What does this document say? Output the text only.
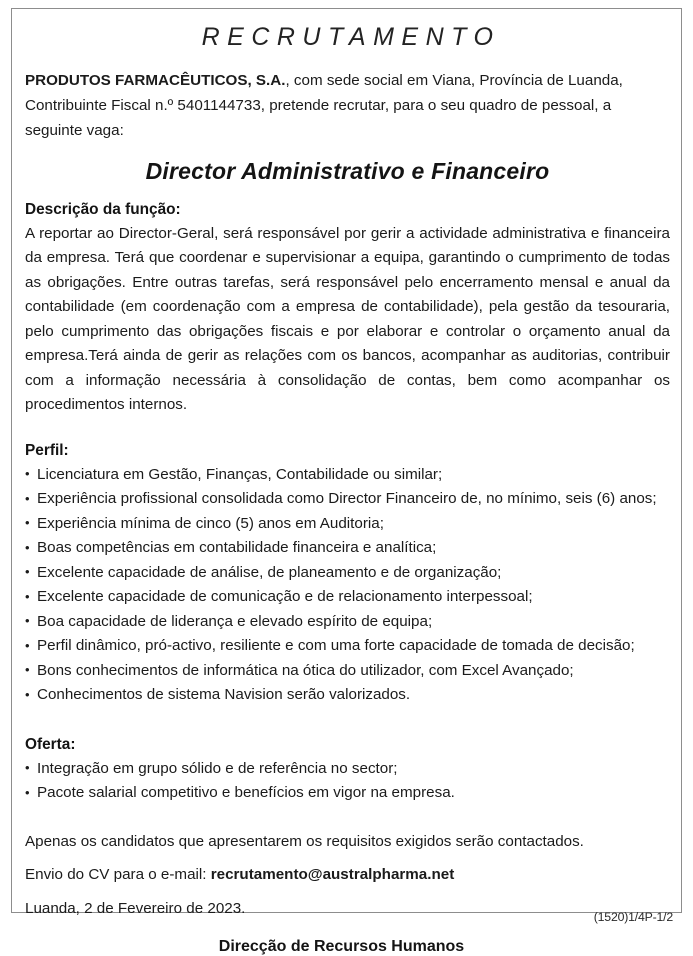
RECRUTAMENTO

PRODUTOS FARMACÊUTICOS, S.A., com sede social em Viana, Província de Luanda, Contribuinte Fiscal n.º 5401144733, pretende recrutar, para o seu quadro de pessoal, a seguinte vaga:

Director Administrativo e Financeiro
Descrição da função:

A reportar ao Director-Geral, será responsável por gerir a actividade administrativa e financeira da empresa. Terá que coordenar e supervisionar a equipa, garantindo o cumprimento de todas as obrigações. Entre outras tarefas, será responsável pelo encerramento mensal e anual da contabilidade (em coordenação com a empresa de contabilidade), pela gestão da tesouraria, pelo cumprimento das obrigações fiscais e por elaborar e controlar o orçamento anual da empresa.Terá ainda de gerir as relações com os bancos, acompanhar as auditorias, contribuir com a informação necessária à consolidação de contas, bem como acompanhar os procedimentos internos.

Perfil:
• Licenciatura em Gestão, Finanças, Contabilidade ou similar;
• Experiência profissional consolidada como Director Financeiro de, no mínimo, seis (6) anos;
• Experiência mínima de cinco (5) anos em Auditoria;
• Boas competências em contabilidade financeira e analítica;
• Excelente capacidade de análise, de planeamento e de organização;
• Excelente capacidade de comunicação e de relacionamento interpessoal;
• Boa capacidade de liderança e elevado espírito de equipa;
• Perfil dinâmico, pró-activo, resiliente e com uma forte capacidade de tomada de decisão;
• Bons conhecimentos de informática na ótica do utilizador, com Excel Avançado;
• Conhecimentos de sistema Navision serão valorizados.
Oferta:
• Integração em grupo sólido e de referência no sector;
• Pacote salarial competitivo e benefícios em vigor na empresa.
Apenas os candidatos que apresentarem os requisitos exigidos serão contactados.
Envio do CV para o e-mail: recrutamento@australpharma.net
Luanda, 2 de Fevereiro de 2023.
Direcção de Recursos Humanos
(1520)1/4P-1/2
